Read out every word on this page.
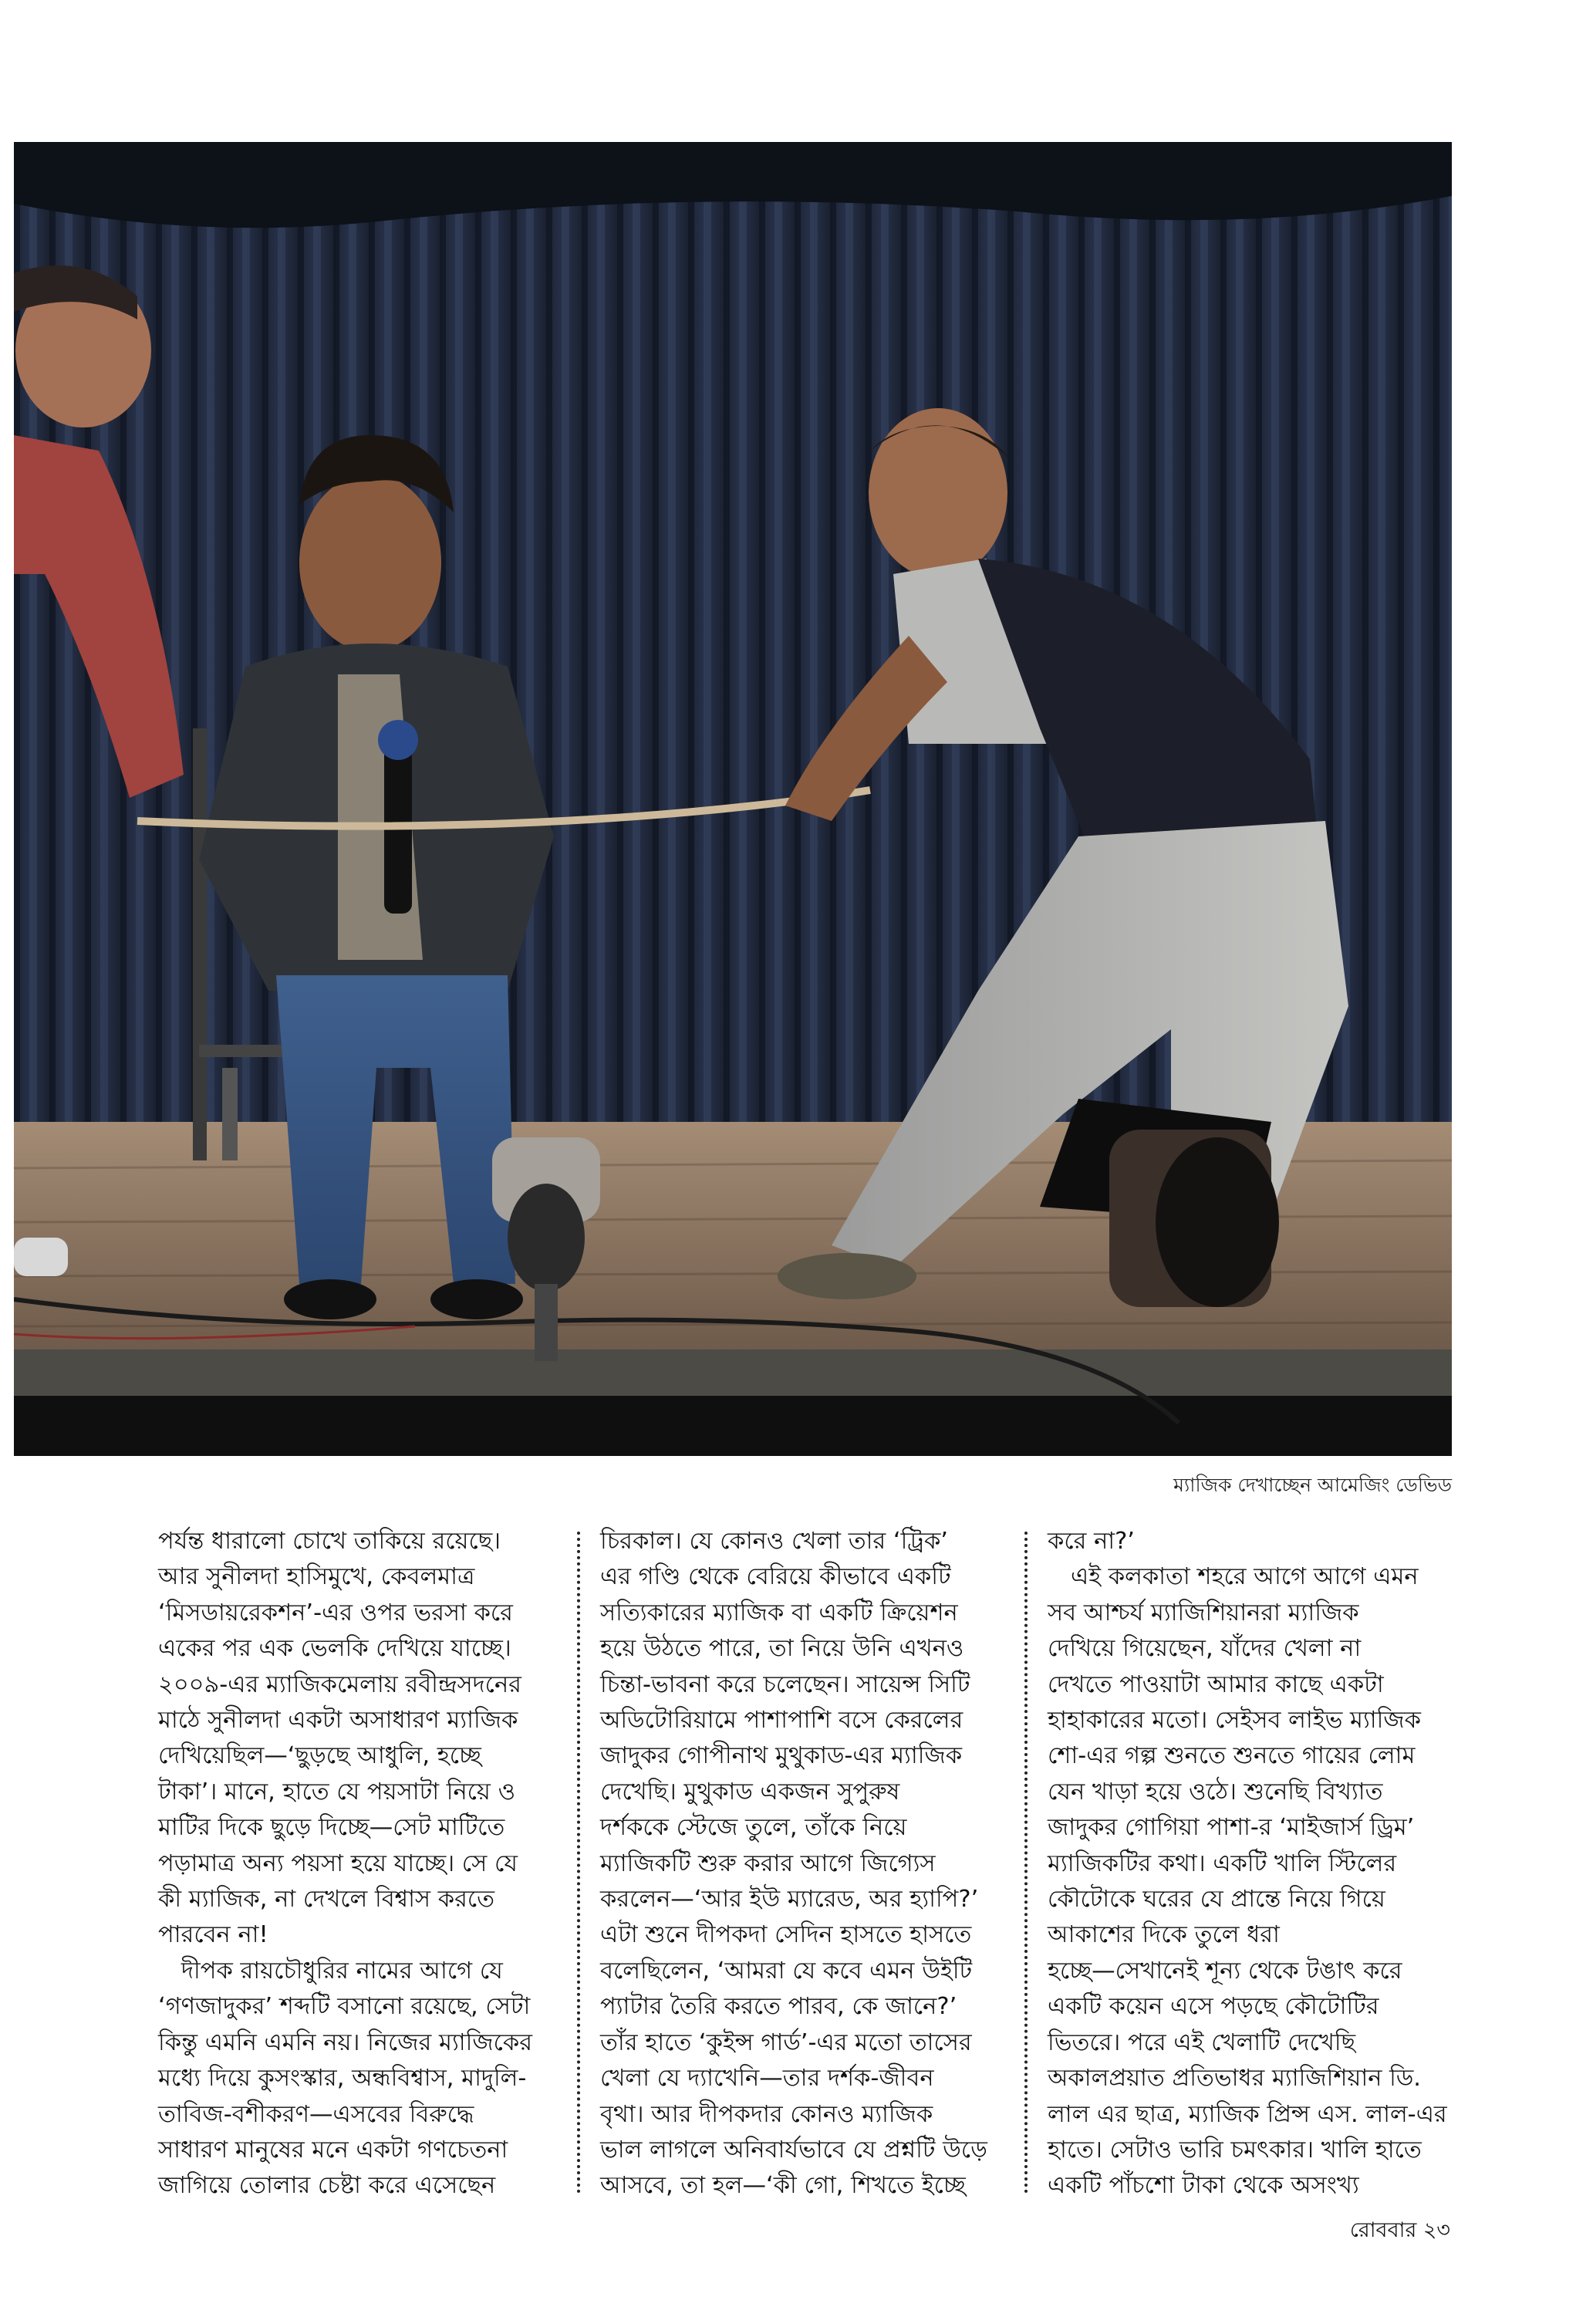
ম্যাজিক দেখাচ্ছেন আমেজিং ডেভিড

পর্যন্ত ধারালো চোখে তাকিয়ে রয়েছে।

আর সুনীলদা হাসিমুখে, কেবলমাত্র

‘মিসডায়রেকশন’-এর ওপর ভরসা করে

একের পর এক ভেলকি দেখিয়ে যাচ্ছে।

২০০৯-এর ম্যাজিকমেলায় রবীন্দ্রসদনের

মাঠে সুনীলদা একটা অসাধারণ ম্যাজিক

দেখিয়েছিল—‘ছুড়ছে আধুলি, হচ্ছে

টাকা’। মানে, হাতে যে পয়সাটা নিয়ে ও

মাটির দিকে ছুড়ে দিচ্ছে—সেট মাটিতে

পড়ামাত্র অন্য পয়সা হয়ে যাচ্ছে। সে যে

কী ম্যাজিক, না দেখলে বিশ্বাস করতে

পারবেন না!

দীপক রায়চৌধুরির নামের আগে যে

‘গণজাদুকর’ শব্দটি বসানো রয়েছে, সেটা

কিন্তু এমনি এমনি নয়। নিজের ম্যাজিকের

মধ্যে দিয়ে কুসংস্কার, অন্ধবিশ্বাস, মাদুলি-

তাবিজ-বশীকরণ—এসবের বিরুদ্ধে

সাধারণ মানুষের মনে একটা গণচেতনা

জাগিয়ে তোলার চেষ্টা করে এসেছেন

চিরকাল। যে কোনও খেলা তার ‘ট্রিক’

এর গণ্ডি থেকে বেরিয়ে কীভাবে একটি

সত্যিকারের ম্যাজিক বা একটি ক্রিয়েশন

হয়ে উঠতে পারে, তা নিয়ে উনি এখনও

চিন্তা-ভাবনা করে চলেছেন। সায়েন্স সিটি

অডিটোরিয়ামে পাশাপাশি বসে কেরলের

জাদুকর গোপীনাথ মুথুকাড-এর ম্যাজিক

দেখেছি। মুথুকাড একজন সুপুরুষ

দর্শককে স্টেজে তুলে, তাঁকে নিয়ে

ম্যাজিকটি শুরু করার আগে জিগ্যেস

করলেন—‘আর ইউ ম্যারেড, অর হ্যাপি?’

এটা শুনে দীপকদা সেদিন হাসতে হাসতে

বলেছিলেন, ‘আমরা যে কবে এমন উইটি

প্যাটার তৈরি করতে পারব, কে জানে?’

তাঁর হাতে ‘কুইন্স গার্ড’-এর মতো তাসের

খেলা যে দ্যাখেনি—তার দর্শক-জীবন

বৃথা। আর দীপকদার কোনও ম্যাজিক

ভাল লাগলে অনিবার্যভাবে যে প্রশ্নটি উড়ে

আসবে, তা হল—‘কী গো, শিখতে ইচ্ছে

করে না?’

এই কলকাতা শহরে আগে আগে এমন

সব আশ্চর্য ম্যাজিশিয়ানরা ম্যাজিক

দেখিয়ে গিয়েছেন, যাঁদের খেলা না

দেখতে পাওয়াটা আমার কাছে একটা

হাহাকারের মতো। সেইসব লাইভ ম্যাজিক

শো-এর গল্প শুনতে শুনতে গায়ের লোম

যেন খাড়া হয়ে ওঠে। শুনেছি বিখ্যাত

জাদুকর গোগিয়া পাশা-র ‘মাইজার্স ড্রিম’

ম্যাজিকটির কথা। একটি খালি স্টিলের

কৌটোকে ঘরের যে প্রান্তে নিয়ে গিয়ে

আকাশের দিকে তুলে ধরা

হচ্ছে—সেখানেই শূন্য থেকে টঙাৎ করে

একটি কয়েন এসে পড়ছে কৌটোটির

ভিতরে। পরে এই খেলাটি দেখেছি

অকালপ্রয়াত প্রতিভাধর ম্যাজিশিয়ান ডি.

লাল এর ছাত্র, ম্যাজিক প্রিন্স এস. লাল-এর

হাতে। সেটাও ভারি চমৎকার। খালি হাতে

একটি পাঁচশো টাকা থেকে অসংখ্য

রোববার ২৩
